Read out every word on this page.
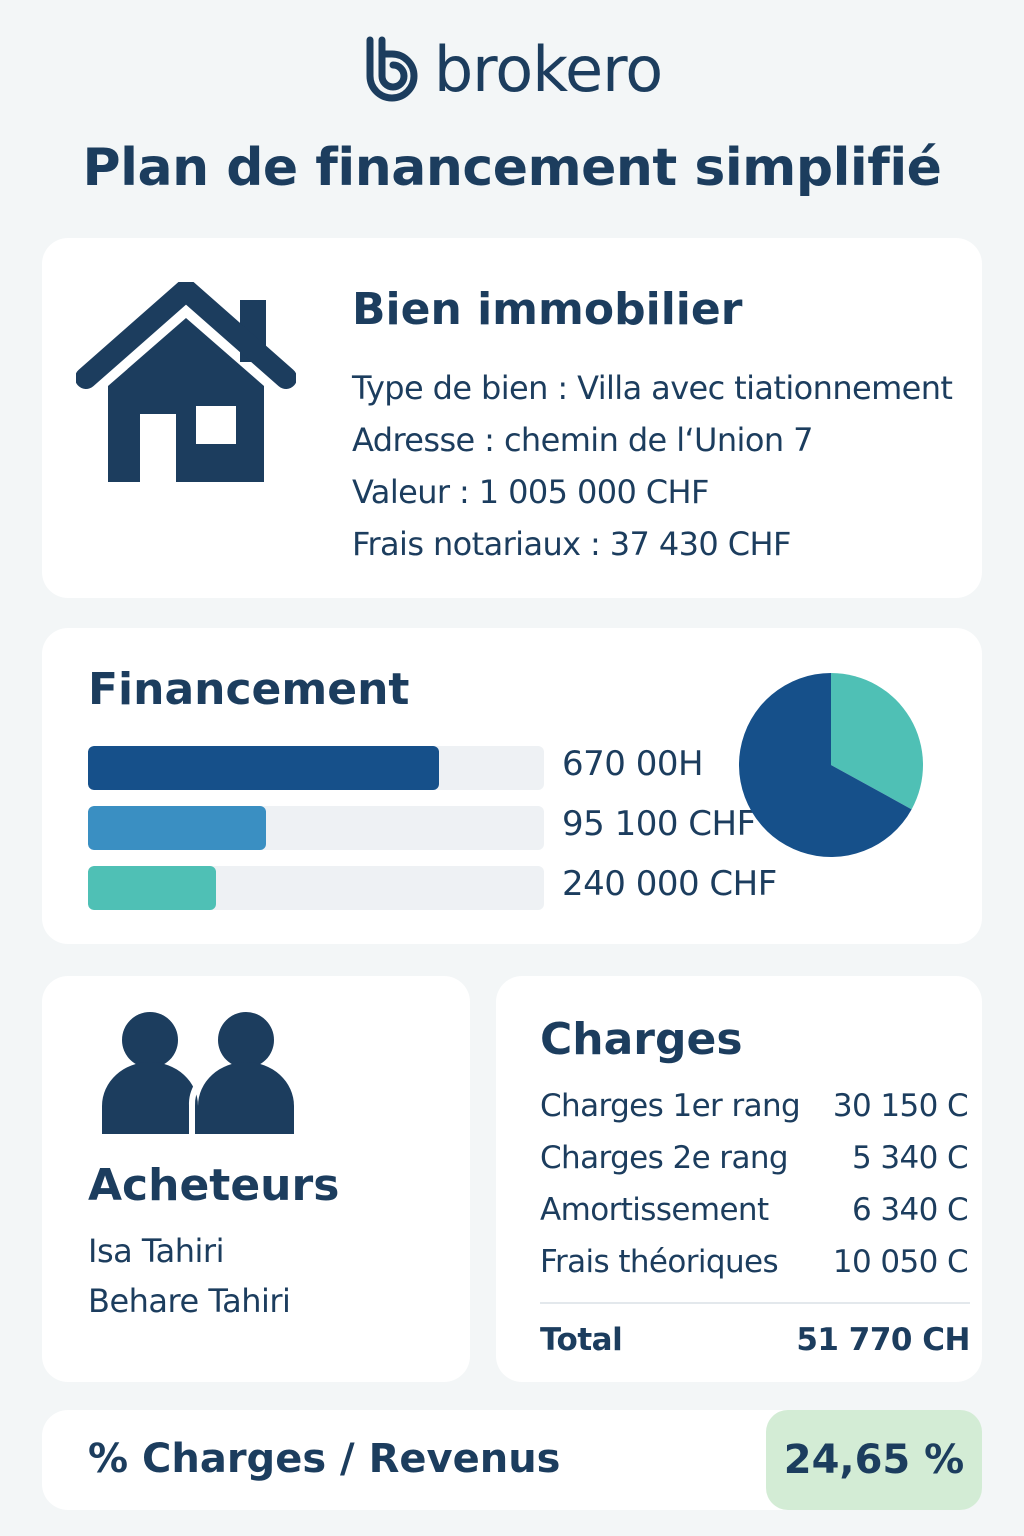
brokero
Plan de financement simplifié
Bien immobilier
Type de bien : Villa avec tiationnement
Adresse : chemin de l‘Union 7
Valeur : 1 005 000 CHF
Frais notariaux : 37 430 CHF
Financement
670 00H
95 100 CHF
240 000 CHF
Acheteurs
Isa Tahiri
Behare Tahiri
Charges
Charges 1er rang 30 150 C
Charges 2e rang 5 340 C
Amortissement	6 340 C
Frais théoriques 10 050 C
Total	51 770 CH
% Charges / Revenus	24,65 %
